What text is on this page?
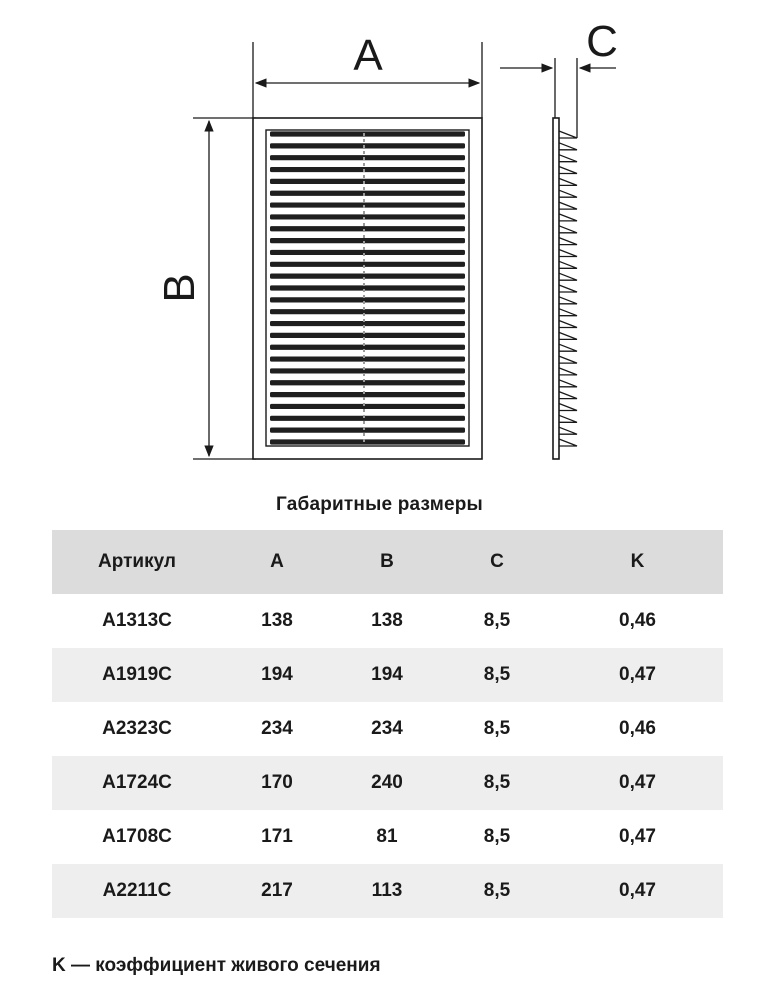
A
B
C
Габаритные размеры
Артикул	A	B	C	K
A1313C	138	138	8,5	0,46
A1919C	194	194	8,5	0,47
A2323C	234	234	8,5	0,46
A1724C	170	240	8,5	0,47
A1708C	171	81	8,5	0,47
A2211C	217	113	8,5	0,47
K — коэффициент живого сечения
